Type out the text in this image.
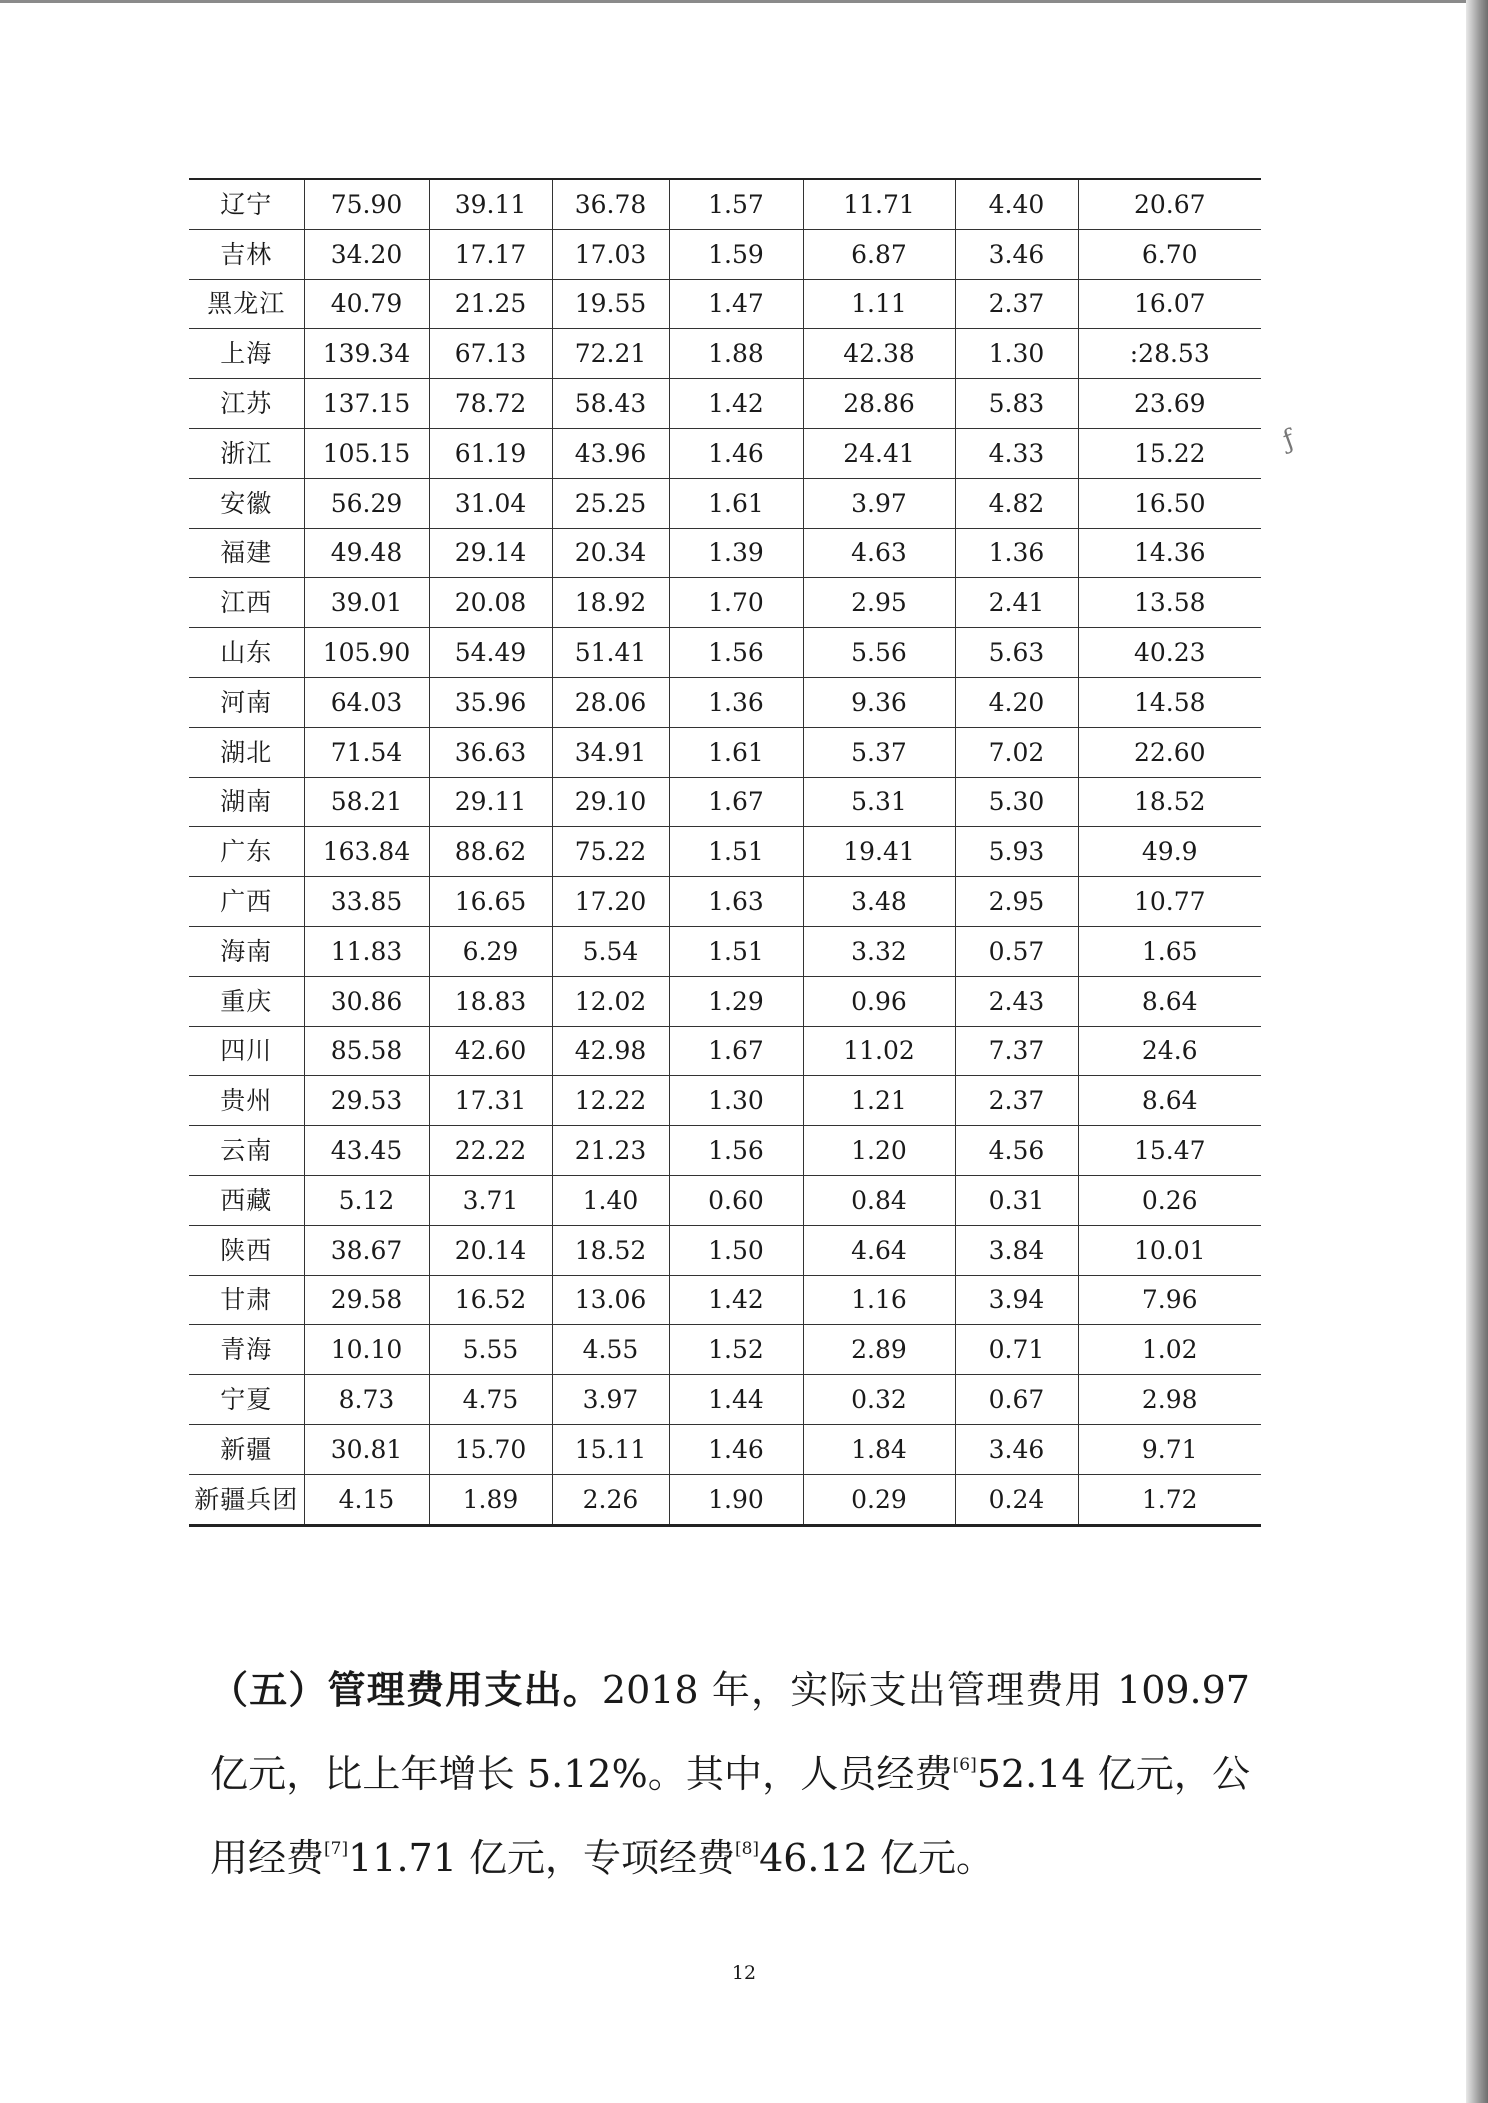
辽宁	75.90	39.11	36.78	1.57	11.71	4.40	20.67
吉林	34.20	17.17	17.03	1.59	6.87	3.46	6.70
黑龙江	40.79	21.25	19.55	1.47	1.11	2.37	16.07
上海	139.34	67.13	72.21	1.88	42.38	1.30	:28.53
江苏	137.15	78.72	58.43	1.42	28.86	5.83	23.69
浙江	105.15	61.19	43.96	1.46	24.41	4.33	15.22
安徽	56.29	31.04	25.25	1.61	3.97	4.82	16.50
福建	49.48	29.14	20.34	1.39	4.63	1.36	14.36
江西	39.01	20.08	18.92	1.70	2.95	2.41	13.58
山东	105.90	54.49	51.41	1.56	5.56	5.63	40.23
河南	64.03	35.96	28.06	1.36	9.36	4.20	14.58
湖北	71.54	36.63	34.91	1.61	5.37	7.02	22.60
湖南	58.21	29.11	29.10	1.67	5.31	5.30	18.52
广东	163.84	88.62	75.22	1.51	19.41	5.93	49.9
广西	33.85	16.65	17.20	1.63	3.48	2.95	10.77
海南	11.83	6.29	5.54	1.51	3.32	0.57	1.65
重庆	30.86	18.83	12.02	1.29	0.96	2.43	8.64
四川	85.58	42.60	42.98	1.67	11.02	7.37	24.6
贵州	29.53	17.31	12.22	1.30	1.21	2.37	8.64
云南	43.45	22.22	21.23	1.56	1.20	4.56	15.47
西藏	5.12	3.71	1.40	0.60	0.84	0.31	0.26
陕西	38.67	20.14	18.52	1.50	4.64	3.84	10.01
甘肃	29.58	16.52	13.06	1.42	1.16	3.94	7.96
青海	10.10	5.55	4.55	1.52	2.89	0.71	1.02
宁夏	8.73	4.75	3.97	1.44	0.32	0.67	2.98
新疆	30.81	15.70	15.11	1.46	1.84	3.46	9.71
新疆兵团	4.15	1.89	2.26	1.90	0.29	0.24	1.72
ƒ
（五）管理费用支出。2018 年，实际支出管理费用 109.97 亿元，比上年增长 5.12%。其中，人员经费[6]52.14 亿元，公用经费[7]11.71 亿元，专项经费[8]46.12 亿元。
12
